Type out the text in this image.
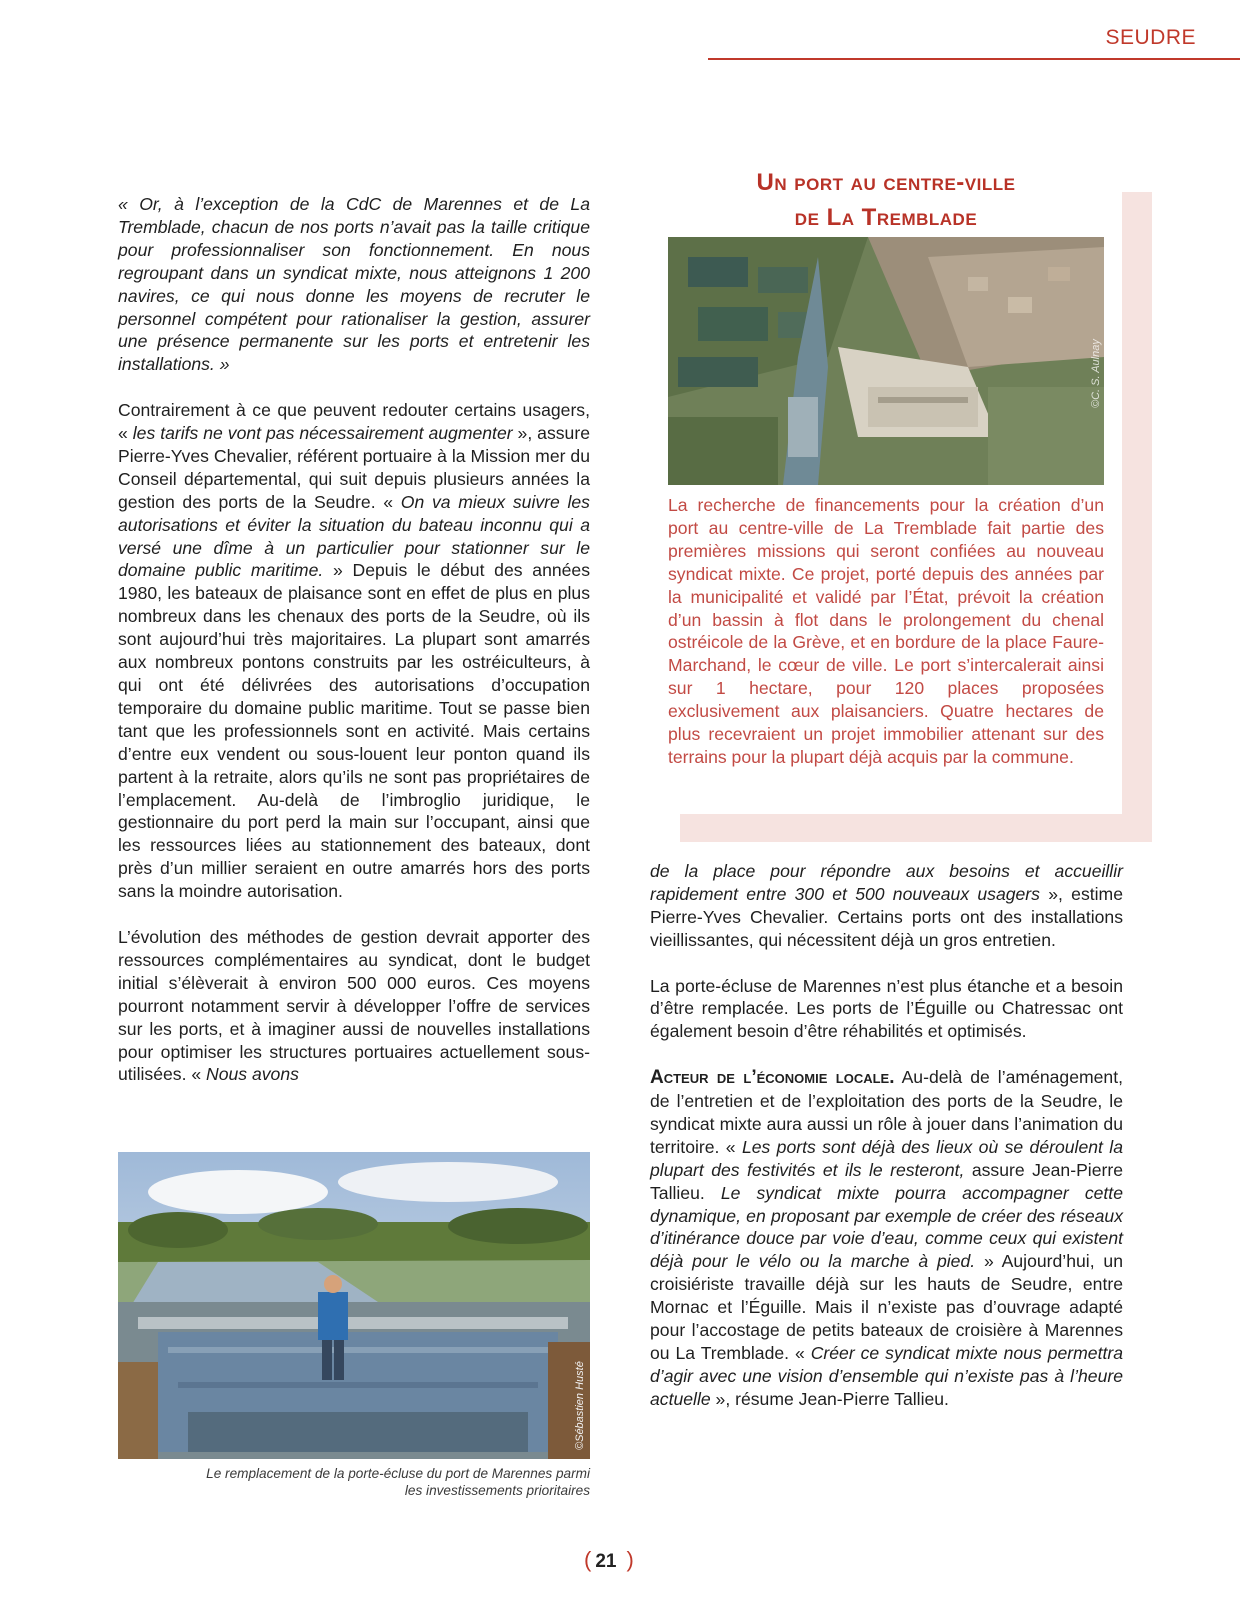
SEUDRE

« Or, à l’exception de la CdC de Marennes et de La Tremblade, chacun de nos ports n’avait pas la taille critique pour professionnaliser son fonctionnement. En nous regroupant dans un syndicat mixte, nous atteignons 1 200 navires, ce qui nous donne les moyens de recruter le personnel compétent pour rationaliser la gestion, assurer une présence permanente sur les ports et entretenir les installations. »

Contrairement à ce que peuvent redouter certains usagers, « les tarifs ne vont pas nécessairement augmenter », assure Pierre-Yves Chevalier, référent portuaire à la Mission mer du Conseil départemental, qui suit depuis plusieurs années la gestion des ports de la Seudre. « On va mieux suivre les autorisations et éviter la situation du bateau inconnu qui a versé une dîme à un particulier pour stationner sur le domaine public maritime. » Depuis le début des années 1980, les bateaux de plaisance sont en effet de plus en plus nombreux dans les chenaux des ports de la Seudre, où ils sont aujourd’hui très majoritaires. La plupart sont amarrés aux nombreux pontons construits par les ostréiculteurs, à qui ont été délivrées des autorisations d’occupation temporaire du domaine public maritime. Tout se passe bien tant que les professionnels sont en activité. Mais certains d’entre eux vendent ou sous-louent leur ponton quand ils partent à la retraite, alors qu’ils ne sont pas propriétaires de l’emplacement. Au-delà de l’imbroglio juridique, le gestionnaire du port perd la main sur l’occupant, ainsi que les ressources liées au stationnement des bateaux, dont près d’un millier seraient en outre amarrés hors des ports sans la moindre autorisation.

L’évolution des méthodes de gestion devrait apporter des ressources complémentaires au syndicat, dont le budget initial s’élèverait à environ 500 000 euros. Ces moyens pourront notamment servir à développer l’offre de services sur les ports, et à imaginer aussi de nouvelles installations pour optimiser les structures portuaires actuellement sous-utilisées. « Nous avons

©Sébastien Husté
Le remplacement de la porte-écluse du port de Marennes parmi
les investissements prioritaires
Un port au centre-ville
de La Tremblade
©C. S. Aulnay
La recherche de financements pour la création d’un port au centre-ville de La Tremblade fait partie des premières missions qui seront confiées au nouveau syndicat mixte. Ce projet, porté depuis des années par la municipalité et validé par l’État, prévoit la création d’un bassin à flot dans le prolongement du chenal ostréicole de la Grève, et en bordure de la place Faure-Marchand, le cœur de ville. Le port s’intercalerait ainsi sur 1 hectare, pour 120 places proposées exclusivement aux plaisanciers. Quatre hectares de plus recevraient un projet immobilier attenant sur des terrains pour la plupart déjà acquis par la commune.

de la place pour répondre aux besoins et accueillir rapidement entre 300 et 500 nouveaux usagers », estime Pierre-Yves Chevalier. Certains ports ont des installations vieillissantes, qui nécessitent déjà un gros entretien.

La porte-écluse de Marennes n’est plus étanche et a besoin d’être remplacée. Les ports de l’Éguille ou Chatressac ont également besoin d’être réhabilités et optimisés.

Acteur de l’économie locale. Au-delà de l’aménagement, de l’entretien et de l’exploitation des ports de la Seudre, le syndicat mixte aura aussi un rôle à jouer dans l’animation du territoire. « Les ports sont déjà des lieux où se déroulent la plupart des festivités et ils le resteront, assure Jean-Pierre Tallieu. Le syndicat mixte pourra accompagner cette dynamique, en proposant par exemple de créer des réseaux d’itinérance douce par voie d’eau, comme ceux qui existent déjà pour le vélo ou la marche à pied. » Aujourd’hui, un croisiériste travaille déjà sur les hauts de Seudre, entre Mornac et l’Éguille. Mais il n’existe pas d’ouvrage adapté pour l’accostage de petits bateaux de croisière à Marennes ou La Tremblade. « Créer ce syndicat mixte nous permettra d’agir avec une vision d’ensemble qui n’existe pas à l’heure actuelle », résume Jean-Pierre Tallieu.

( 21 )
